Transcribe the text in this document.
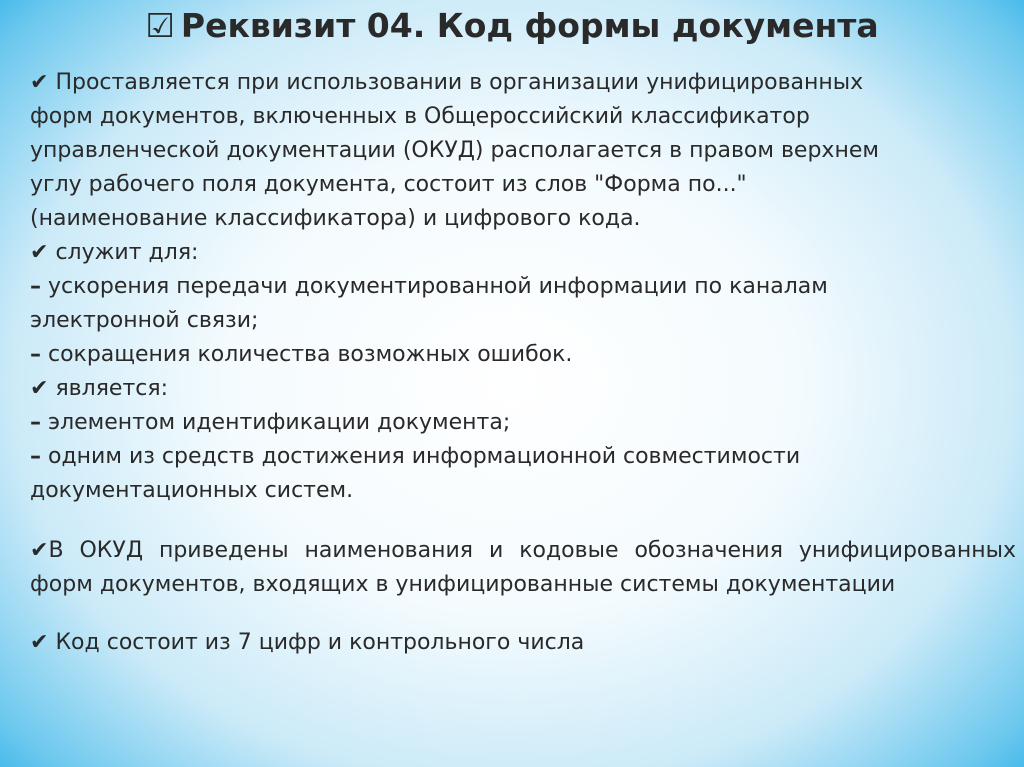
☑ Реквизит 04. Код формы документа

✔ Проставляется при использовании в организации унифицированных
форм документов, включенных в Общероссийский классификатор
управленческой документации (ОКУД) располагается в правом верхнем
углу рабочего поля документа, состоит из слов "Форма по..."
(наименование классификатора) и цифрового кода.

✔ служит для:

– ускорения передачи документированной информации по каналам
электронной связи;

– сокращения количества возможных ошибок.

✔ является:

– элементом идентификации документа;

– одним из средств достижения информационной совместимости
документационных систем.

✔В ОКУД приведены наименования и кодовые обозначения унифицированных форм документов, входящих в унифицированные системы документации

✔ Код состоит из 7 цифр и контрольного числа
